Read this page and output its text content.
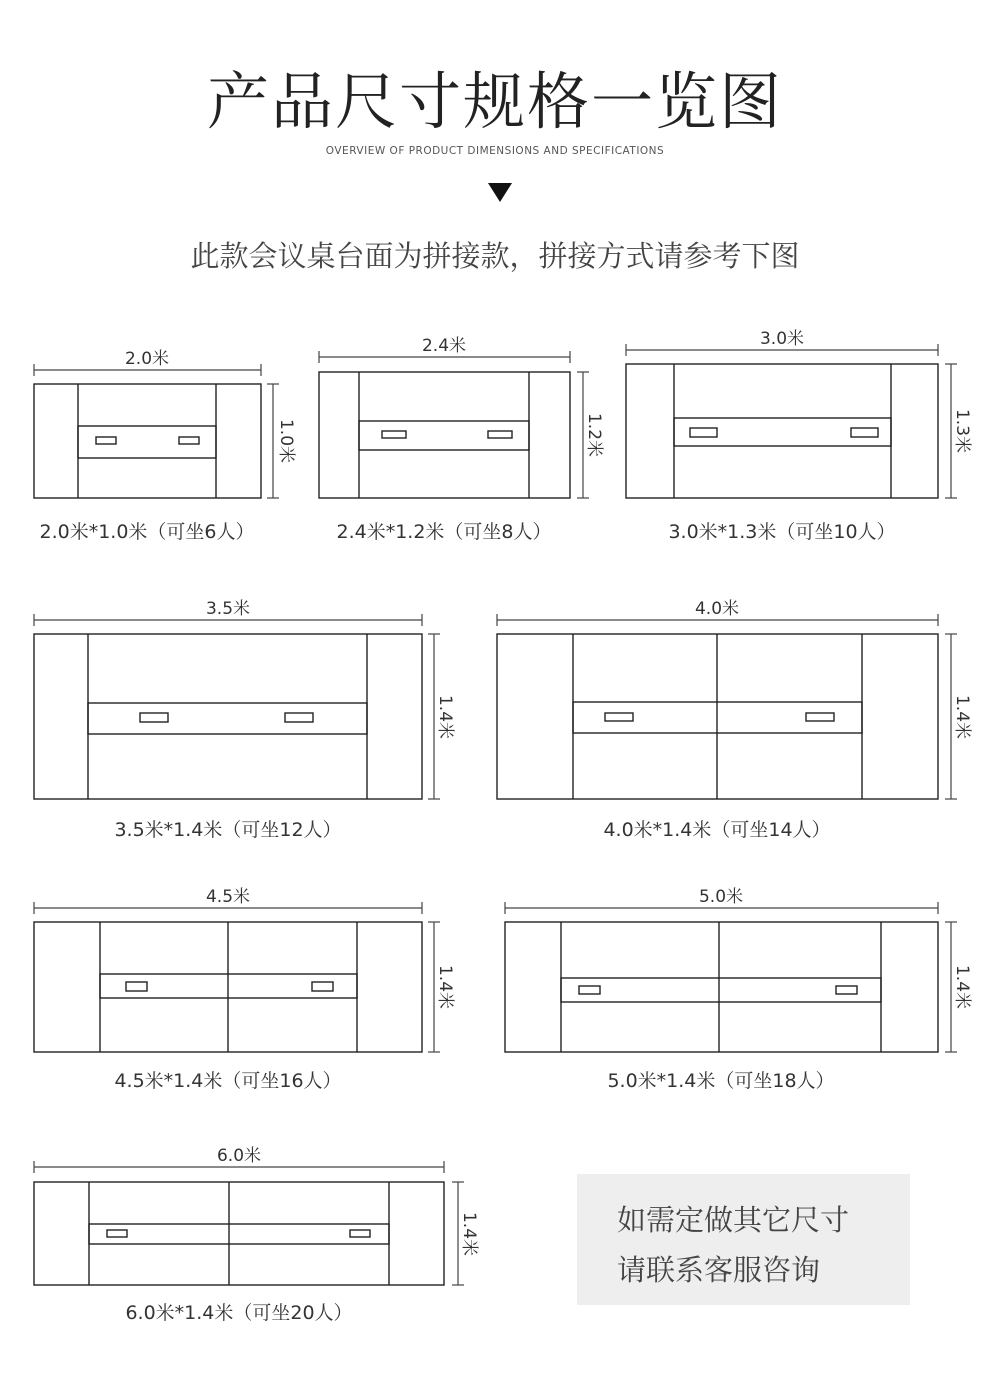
产品尺寸规格一览图
OVERVIEW OF PRODUCT DIMENSIONS AND SPECIFICATIONS
此款会议桌台面为拼接款，拼接方式请参考下图
2.0米
1.0米
2.4米
1.2米
3.0米
1.3米
3.5米
1.4米
4.0米
1.4米
4.5米
1.4米
5.0米
1.4米
6.0米
1.4米
2.0米*1.0米（可坐6人）	2.4米*1.2米（可坐8人）	3.0米*1.3米（可坐10人）
3.5米*1.4米（可坐12人）	4.0米*1.4米（可坐14人）
4.5米*1.4米（可坐16人）	5.0米*1.4米（可坐18人）
6.0米*1.4米（可坐20人）
如需定做其它尺寸
请联系客服咨询
